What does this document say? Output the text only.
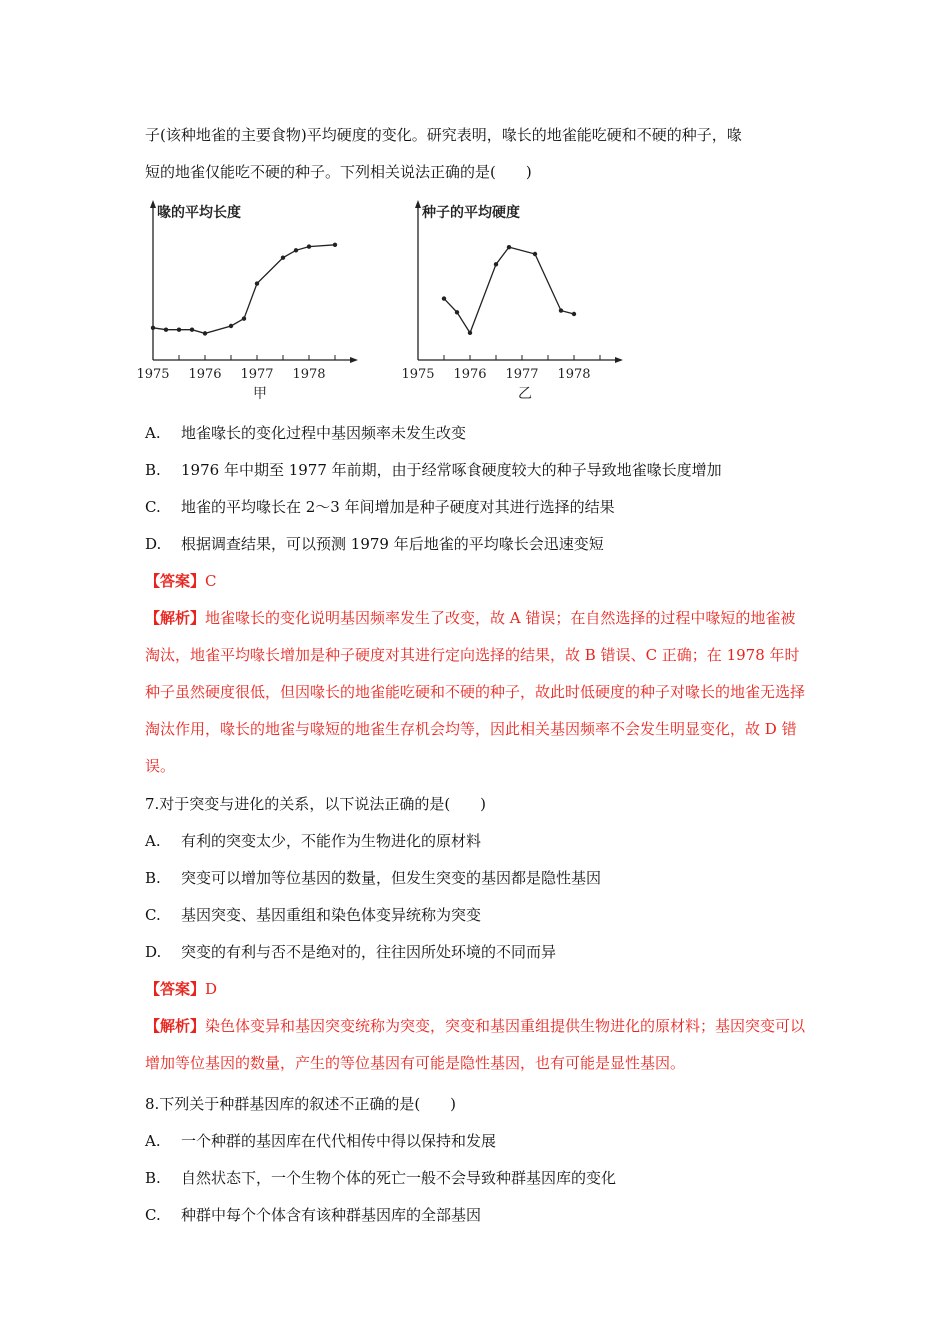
子(该种地雀的主要食物)平均硬度的变化。研究表明，喙长的地雀能吃硬和不硬的种子，喙
短的地雀仅能吃不硬的种子。下列相关说法正确的是(　　)
喙的平均长度
1975 1976 1977 1978
甲
种子的平均硬度
1975 1976 1977 1978
乙
A. 地雀喙长的变化过程中基因频率未发生改变
B. 1976 年中期至 1977 年前期，由于经常啄食硬度较大的种子导致地雀喙长度增加
C. 地雀的平均喙长在 2～3 年间增加是种子硬度对其进行选择的结果
D. 根据调查结果，可以预测 1979 年后地雀的平均喙长会迅速变短
【答案】C
【解析】地雀喙长的变化说明基因频率发生了改变，故 A 错误；在自然选择的过程中喙短的地雀被淘汰，地雀平均喙长增加是种子硬度对其进行定向选择的结果，故 B 错误、C 正确；在 1978 年时种子虽然硬度很低，但因喙长的地雀能吃硬和不硬的种子，故此时低硬度的种子对喙长的地雀无选择淘汰作用，喙长的地雀与喙短的地雀生存机会均等，因此相关基因频率不会发生明显变化，故 D 错误。
7.对于突变与进化的关系，以下说法正确的是(　　)
A. 有利的突变太少，不能作为生物进化的原材料
B. 突变可以增加等位基因的数量，但发生突变的基因都是隐性基因
C. 基因突变、基因重组和染色体变异统称为突变
D. 突变的有利与否不是绝对的，往往因所处环境的不同而异
【答案】D
【解析】染色体变异和基因突变统称为突变，突变和基因重组提供生物进化的原材料；基因突变可以增加等位基因的数量，产生的等位基因有可能是隐性基因，也有可能是显性基因。
8.下列关于种群基因库的叙述不正确的是(　　)
A. 一个种群的基因库在代代相传中得以保持和发展
B. 自然状态下，一个生物个体的死亡一般不会导致种群基因库的变化
C. 种群中每个个体含有该种群基因库的全部基因
